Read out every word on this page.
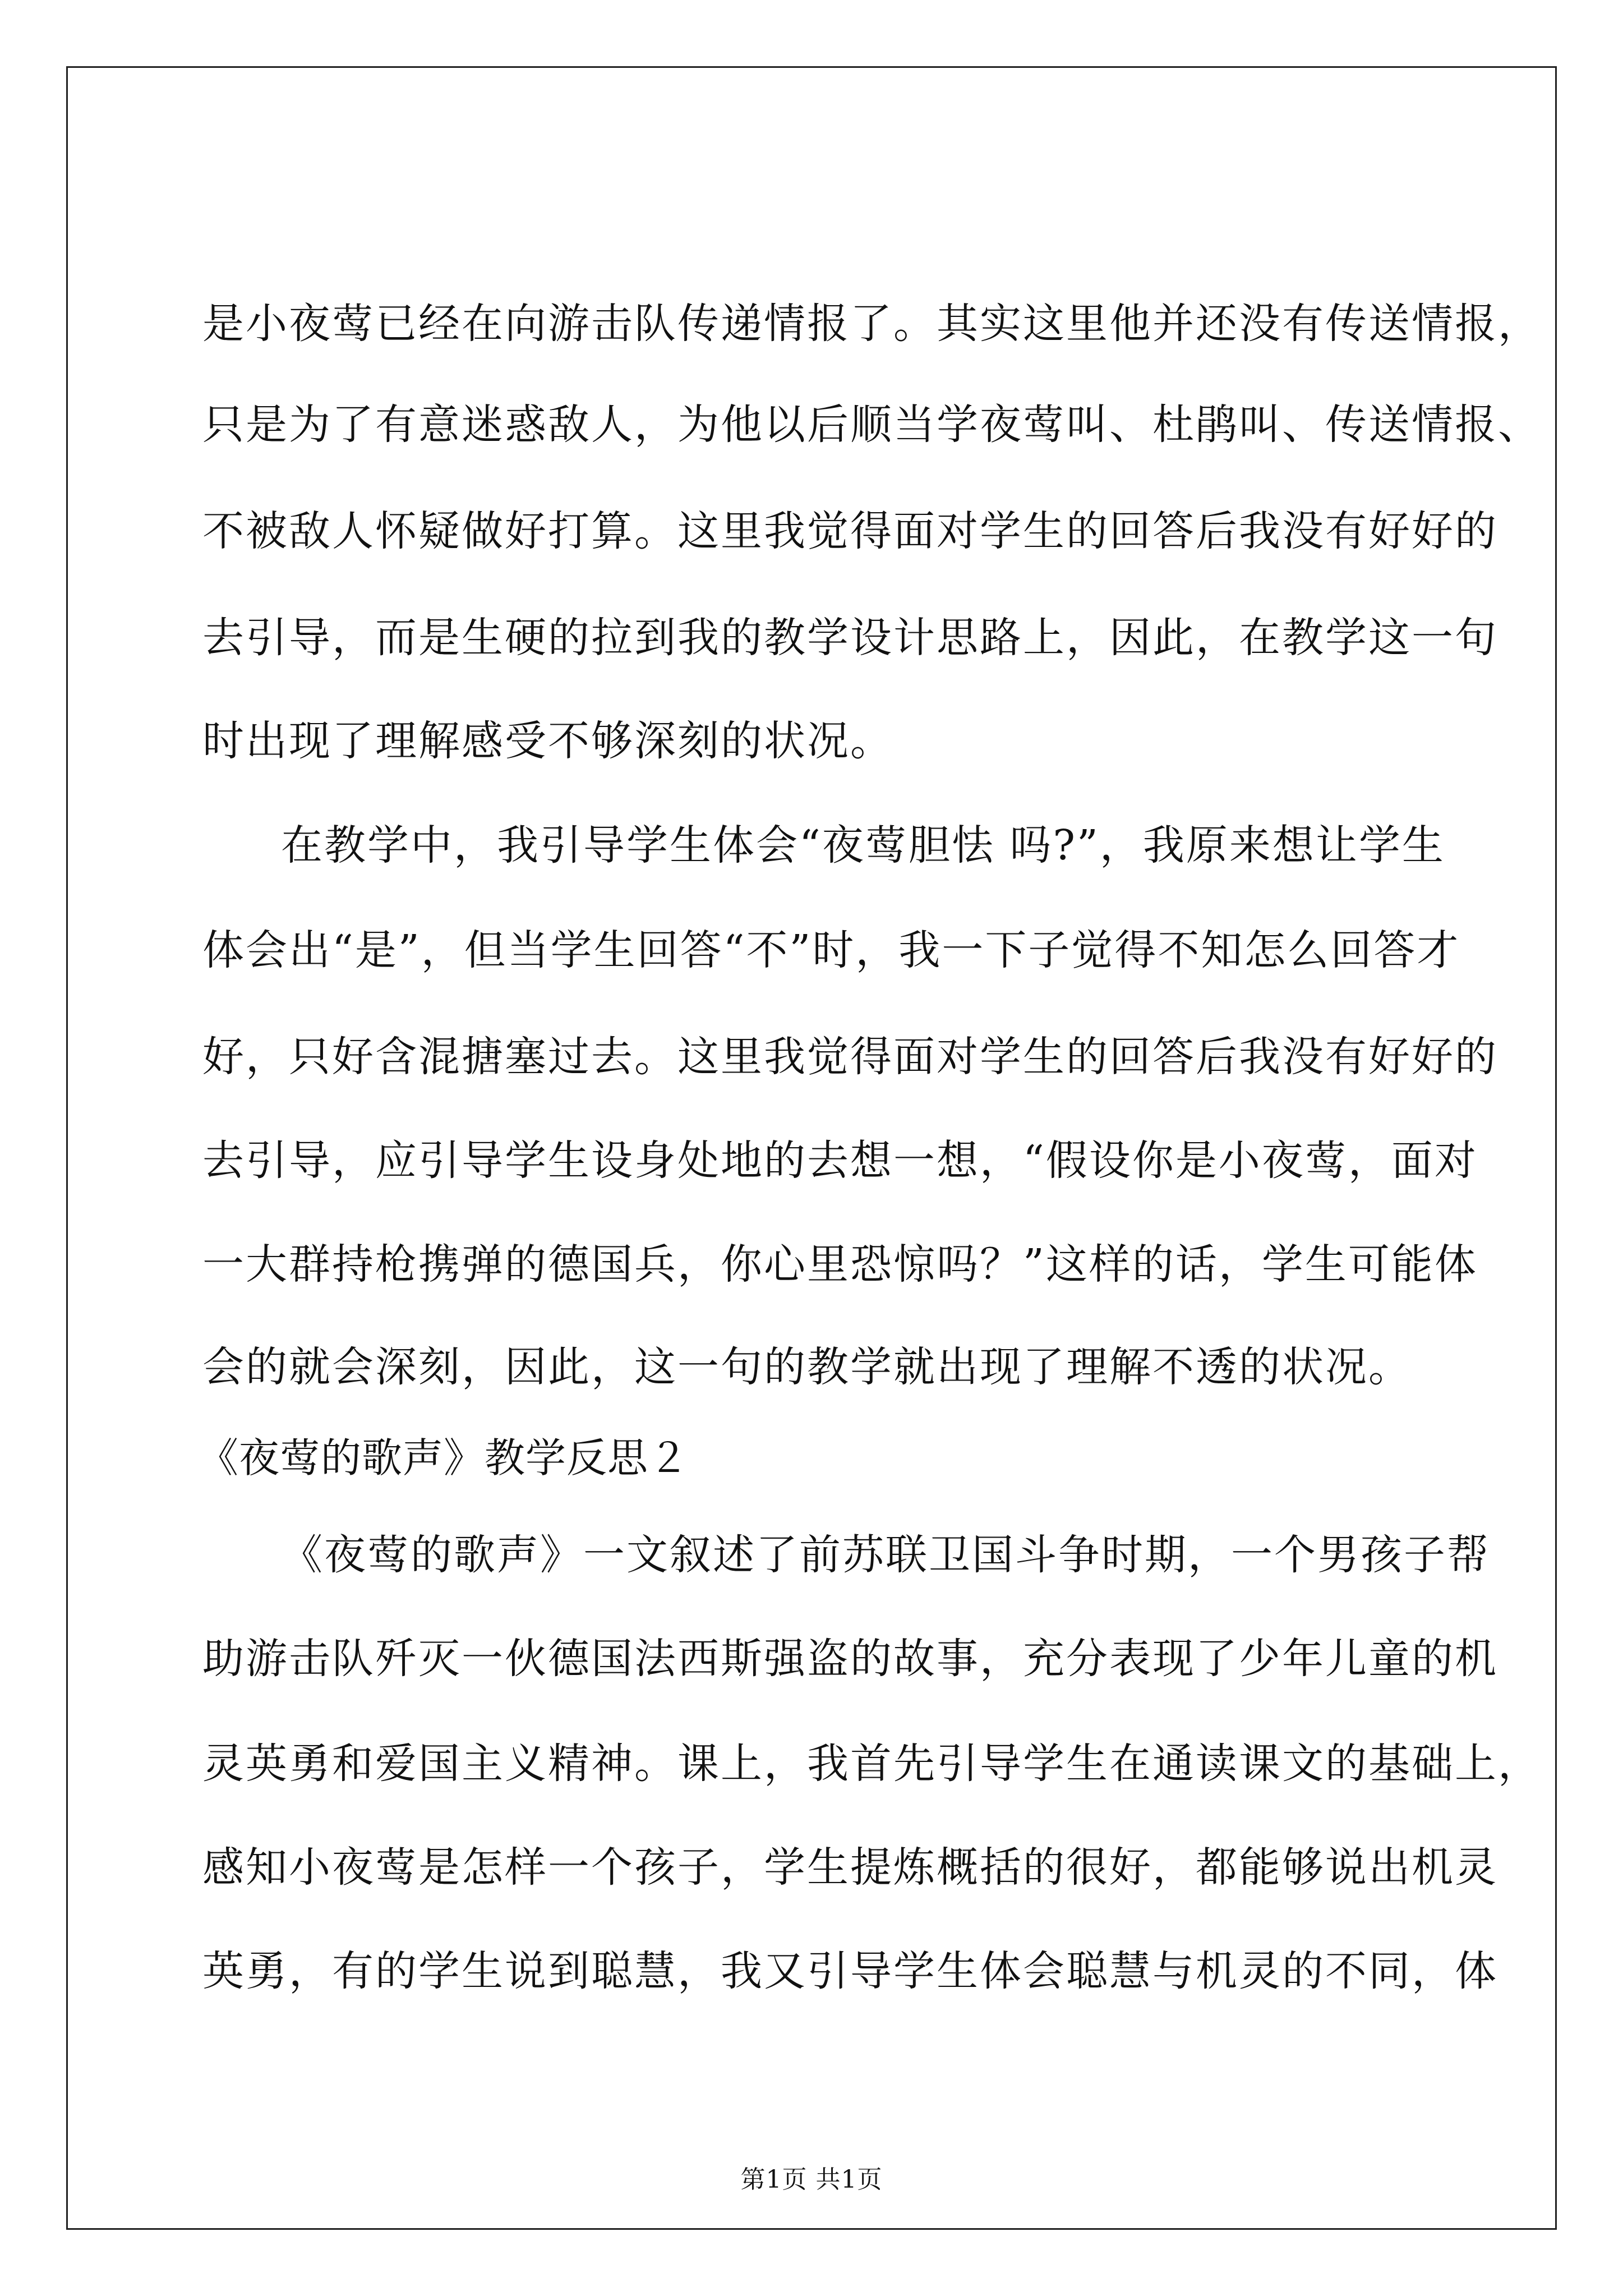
是小夜莺已经在向游击队传递情报了。其实这里他并还没有传送情报，
只是为了有意迷惑敌人，为他以后顺当学夜莺叫、杜鹃叫、传送情报、
不被敌人怀疑做好打算。这里我觉得面对学生的回答后我没有好好的
去引导，而是生硬的拉到我的教学设计思路上，因此，在教学这一句
时出现了理解感受不够深刻的状况。
在教学中，我引导学生体会“夜莺胆怯 吗?”，我原来想让学生
体会出“是”，但当学生回答“不”时，我一下子觉得不知怎么回答才
好，只好含混搪塞过去。这里我觉得面对学生的回答后我没有好好的
去引导，应引导学生设身处地的去想一想，“假设你是小夜莺，面对
一大群持枪携弹的德国兵，你心里恐惊吗？”这样的话，学生可能体
会的就会深刻，因此，这一句的教学就出现了理解不透的状况。
《夜莺的歌声》教学反思２
《夜莺的歌声》一文叙述了前苏联卫国斗争时期，一个男孩子帮
助游击队歼灭一伙德国法西斯强盗的故事，充分表现了少年儿童的机
灵英勇和爱国主义精神。课上，我首先引导学生在通读课文的基础上，
感知小夜莺是怎样一个孩子，学生提炼概括的很好，都能够说出机灵
英勇，有的学生说到聪慧，我又引导学生体会聪慧与机灵的不同，体
第1页 共1页
